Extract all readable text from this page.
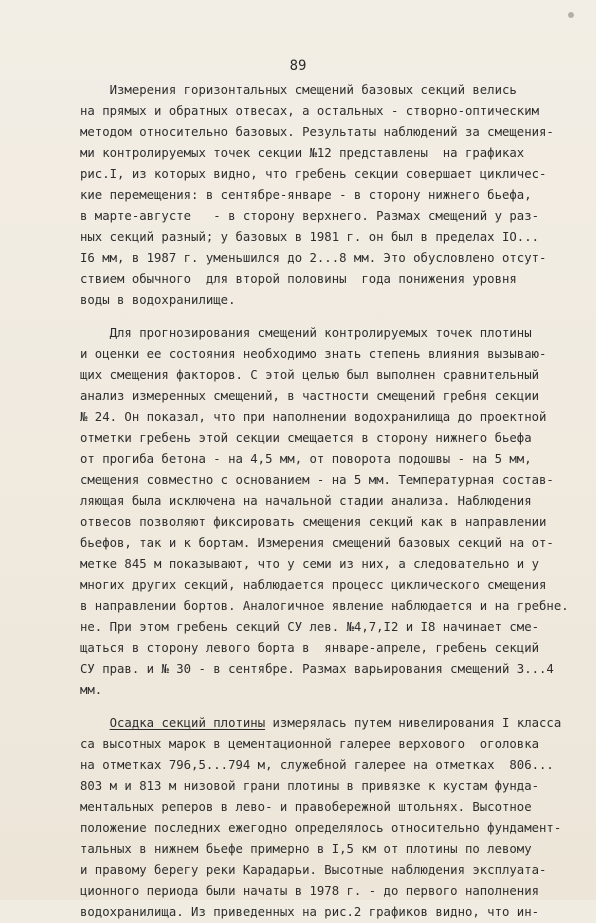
89
Измерения горизонтальных смещений базовых секций велись
на прямых и обратных отвесах, а остальных - створно-оптическим
методом относительно базовых. Результаты наблюдений за смещения-
ми контролируемых точек секции №12 представлены  на графиках
рис.I, из которых видно, что гребень секции совершает цикличес-
кие перемещения: в сентябре-январе - в сторону нижнего бьефа,
в марте-августе   - в сторону верхнего. Размах смещений у раз-
ных секций разный; у базовых в 1981 г. он был в пределах IO...
I6 мм, в 1987 г. уменьшился до 2...8 мм. Это обусловлено отсут-
ствием обычного  для второй половины  года понижения уровня
воды в водохранилище.
Для прогнозирования смещений контролируемых точек плотины
и оценки ее состояния необходимо знать степень влияния вызываю-
щих смещения факторов. С этой целью был выполнен сравнительный
анализ измеренных смещений, в частности смещений гребня секции
№ 24. Он показал, что при наполнении водохранилища до проектной
отметки гребень этой секции смещается в сторону нижнего бьефа
от прогиба бетона - на 4,5 мм, от поворота подошвы - на 5 мм,
смещения совместно с основанием - на 5 мм. Температурная состав-
ляющая была исключена на начальной стадии анализа. Наблюдения
отвесов позволяют фиксировать смещения секций как в направлении
бьефов, так и к бортам. Измерения смещений базовых секций на от-
метке 845 м показывают, что у семи из них, а следовательно и у
многих других секций, наблюдается процесс циклического смещения
в направлении бортов. Аналогичное явление наблюдается и на гребне.
не. При этом гребень секций СУ лев. №4,7,I2 и I8 начинает сме-
щаться в сторону левого борта в  январе-апреле, гребень секций
СУ прав. и № 30 - в сентябре. Размах варьирования смещений 3...4
мм.
Осадка секций плотины измерялась путем нивелирования I класса
са высотных марок в цементационной галерее верхового  оголовка
на отметках 796,5...794 м, служебной галерее на отметках  806...
803 м и 813 м низовой грани плотины в привязке к кустам фунда-
ментальных реперов в лево- и правобережной штольнях. Высотное
положение последних ежегодно определялось относительно фундамент-
тальных в нижнем бьефе примерно в I,5 км от плотины по левому
и правому берегу реки Карадарьи. Высотные наблюдения эксплуата-
ционного периода были начаты в 1978 г. - до первого наполнения
водохранилища. Из приведенных на рис.2 графиков видно, что ин-
